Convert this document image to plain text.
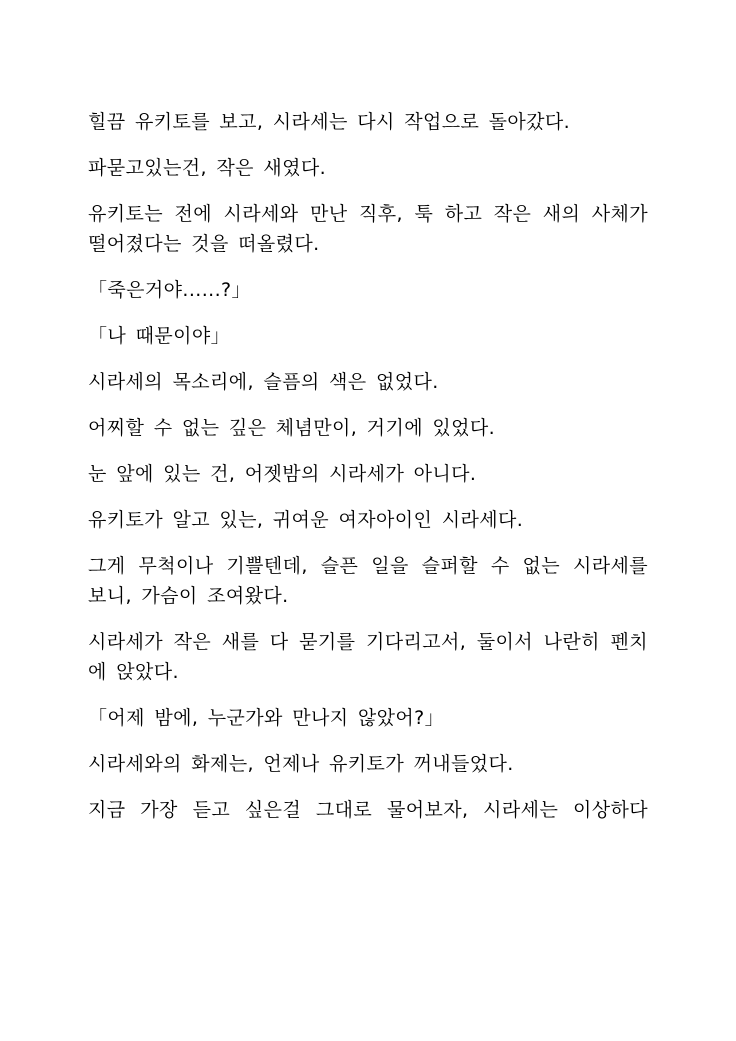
힐끔 유키토를 보고, 시라세는 다시 작업으로 돌아갔다.

파묻고있는건, 작은 새였다.

유키토는 전에 시라세와 만난 직후, 툭 하고 작은 새의 사체가 떨어졌다는 것을 떠올렸다.

「죽은거야......?」

「나 때문이야」

시라세의 목소리에, 슬픔의 색은 없었다.

어찌할 수 없는 깊은 체념만이, 거기에 있었다.

눈 앞에 있는 건, 어젯밤의 시라세가 아니다.

유키토가 알고 있는, 귀여운 여자아이인 시라세다.

그게 무척이나 기쁠텐데, 슬픈 일을 슬퍼할 수 없는 시라세를 보니, 가슴이 조여왔다.

시라세가 작은 새를 다 묻기를 기다리고서, 둘이서 나란히 펜치에 앉았다.

「어제 밤에, 누군가와 만나지 않았어?」

시라세와의 화제는, 언제나 유키토가 꺼내들었다.

지금 가장 듣고 싶은걸 그대로 물어보자, 시라세는 이상하다
